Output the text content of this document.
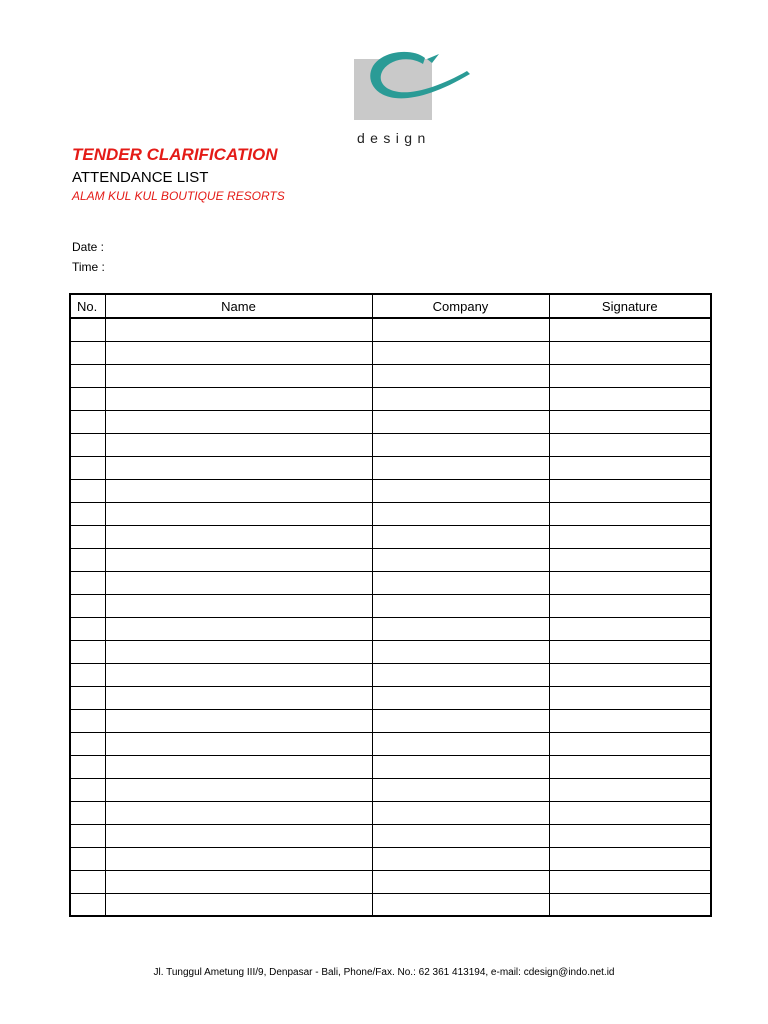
design
TENDER CLARIFICATION
ATTENDANCE LIST
ALAM KUL KUL BOUTIQUE RESORTS
Date :
Time :
No.	Name	Company	Signature

Jl. Tunggul Ametung III/9, Denpasar - Bali, Phone/Fax. No.: 62 361 413194, e-mail: cdesign@indo.net.id
